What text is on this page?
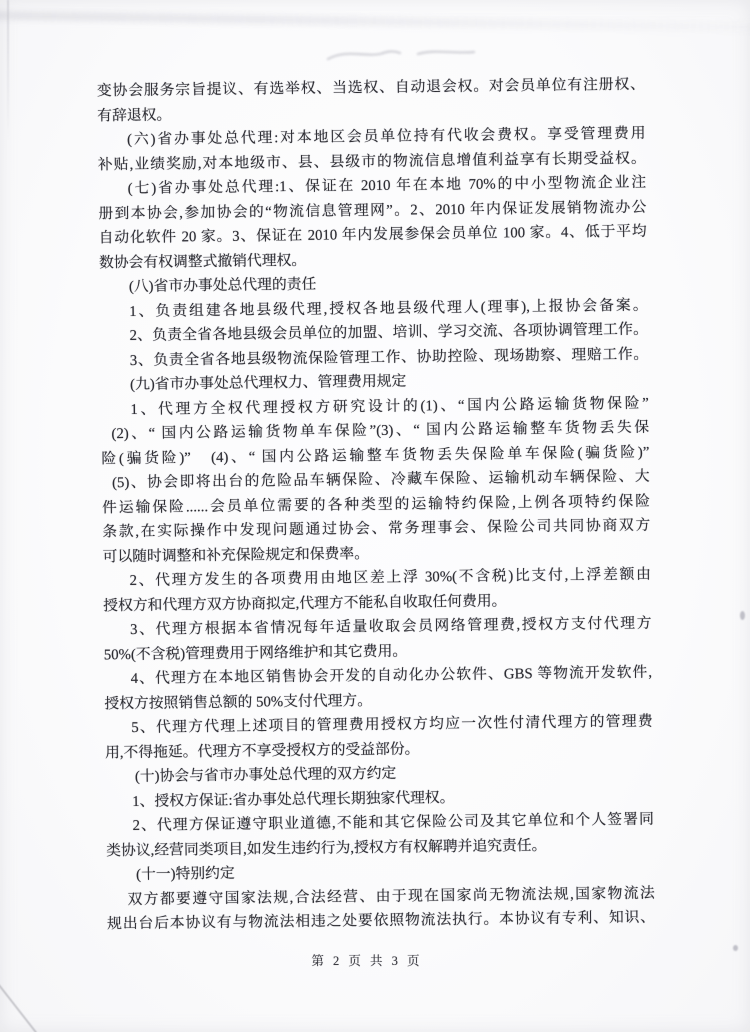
变协会服务宗旨提议、有选举权、当选权、自动退会权。对会员单位有注册权、
有辞退权。
(六)省办事处总代理:对本地区会员单位持有代收会费权。享受管理费用
补贴,业绩奖励,对本地级市、县、县级市的物流信息增值利益享有长期受益权。
(七)省办事处总代理:1、保证在 2010 年在本地 70%的中小型物流企业注
册到本协会,参加协会的“物流信息管理网”。2、2010 年内保证发展销物流办公
自动化软件 20 家。3、保证在 2010 年内发展参保会员单位 100 家。4、低于平均
数协会有权调整式撤销代理权。
(八)省市办事处总代理的责任
1、负责组建各地县级代理,授权各地县级代理人(理事),上报协会备案。
2、负责全省各地县级会员单位的加盟、培训、学习交流、各项协调管理工作。
3、负责全省各地县级物流保险管理工作、协助控险、现场勘察、理赔工作。
(九)省市办事处总代理权力、管理费用规定
1、代理方全权代理授权方研究设计的(1)、“国内公路运输货物保险”
(2)、“ 国内公路运输货物单车保险”(3)、“ 国内公路运输整车货物丢失保
险(骗货险)”　(4)、“ 国内公路运输整车货物丢失保险单车保险(骗货险)”
(5)、协会即将出台的危险品车辆保险、冷藏车保险、运输机动车辆保险、大
件运输保险......会员单位需要的各种类型的运输特约保险,上例各项特约保险
条款,在实际操作中发现问题通过协会、常务理事会、保险公司共同协商双方
可以随时调整和补充保险规定和保费率。
2、代理方发生的各项费用由地区差上浮 30%(不含税)比支付,上浮差额由
授权方和代理方双方协商拟定,代理方不能私自收取任何费用。
3、代理方根据本省情况每年适量收取会员网络管理费,授权方支付代理方
50%(不含税)管理费用于网络维护和其它费用。
4、代理方在本地区销售协会开发的自动化办公软件、GBS 等物流开发软件,
授权方按照销售总额的 50%支付代理方。
5、代理方代理上述项目的管理费用授权方均应一次性付清代理方的管理费
用,不得拖延。代理方不享受授权方的受益部份。
(十)协会与省市办事处总代理的双方约定
1、授权方保证:省办事处总代理长期独家代理权。
2、代理方保证遵守职业道德,不能和其它保险公司及其它单位和个人签署同
类协议,经营同类项目,如发生违约行为,授权方有权解聘并追究责任。
(十一)特别约定
双方都要遵守国家法规,合法经营、由于现在国家尚无物流法规,国家物流法
规出台后本协议有与物流法相违之处要依照物流法执行。本协议有专利、知识、
第 2 页 共 3 页
